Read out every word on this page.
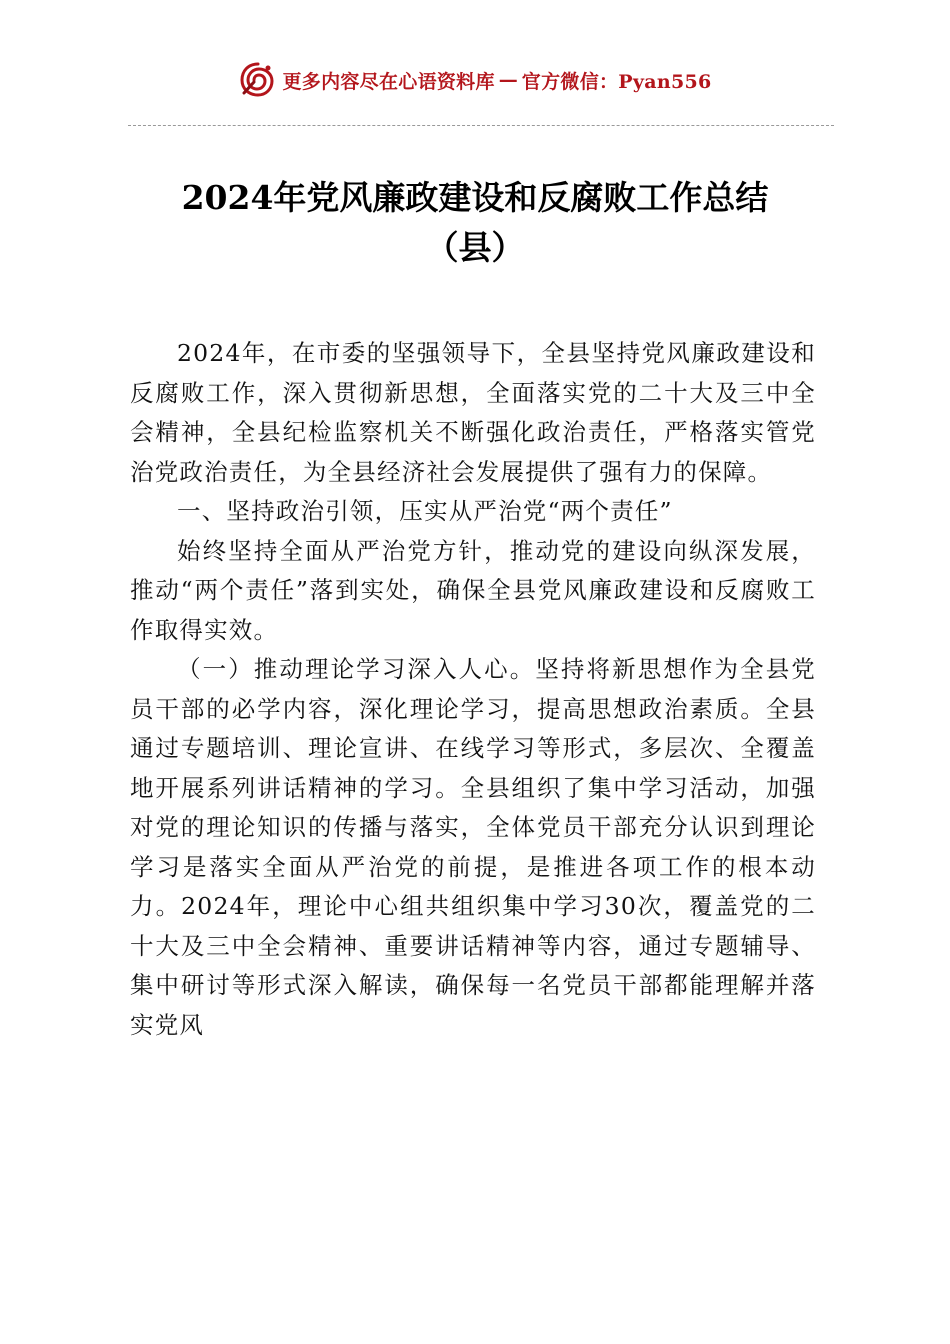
更多内容尽在心语资料库 — 官方微信：Pyan556
2024年党风廉政建设和反腐败工作总结
（县）

2024年，在市委的坚强领导下，全县坚持党风廉政建设和反腐败工作，深入贯彻新思想，全面落实党的二十大及三中全会精神，全县纪检监察机关不断强化政治责任，严格落实管党治党政治责任，为全县经济社会发展提供了强有力的保障。

一、坚持政治引领，压实从严治党“两个责任”

始终坚持全面从严治党方针，推动党的建设向纵深发展，推动“两个责任”落到实处，确保全县党风廉政建设和反腐败工作取得实效。

（一）推动理论学习深入人心。坚持将新思想作为全县党员干部的必学内容，深化理论学习，提高思想政治素质。全县通过专题培训、理论宣讲、在线学习等形式，多层次、全覆盖地开展系列讲话精神的学习。全县组织了集中学习活动，加强对党的理论知识的传播与落实，全体党员干部充分认识到理论学习是落实全面从严治党的前提，是推进各项工作的根本动力。2024年，理论中心组共组织集中学习30次，覆盖党的二十大及三中全会精神、重要讲话精神等内容，通过专题辅导、集中研讨等形式深入解读，确保每一名党员干部都能理解并落实党风
